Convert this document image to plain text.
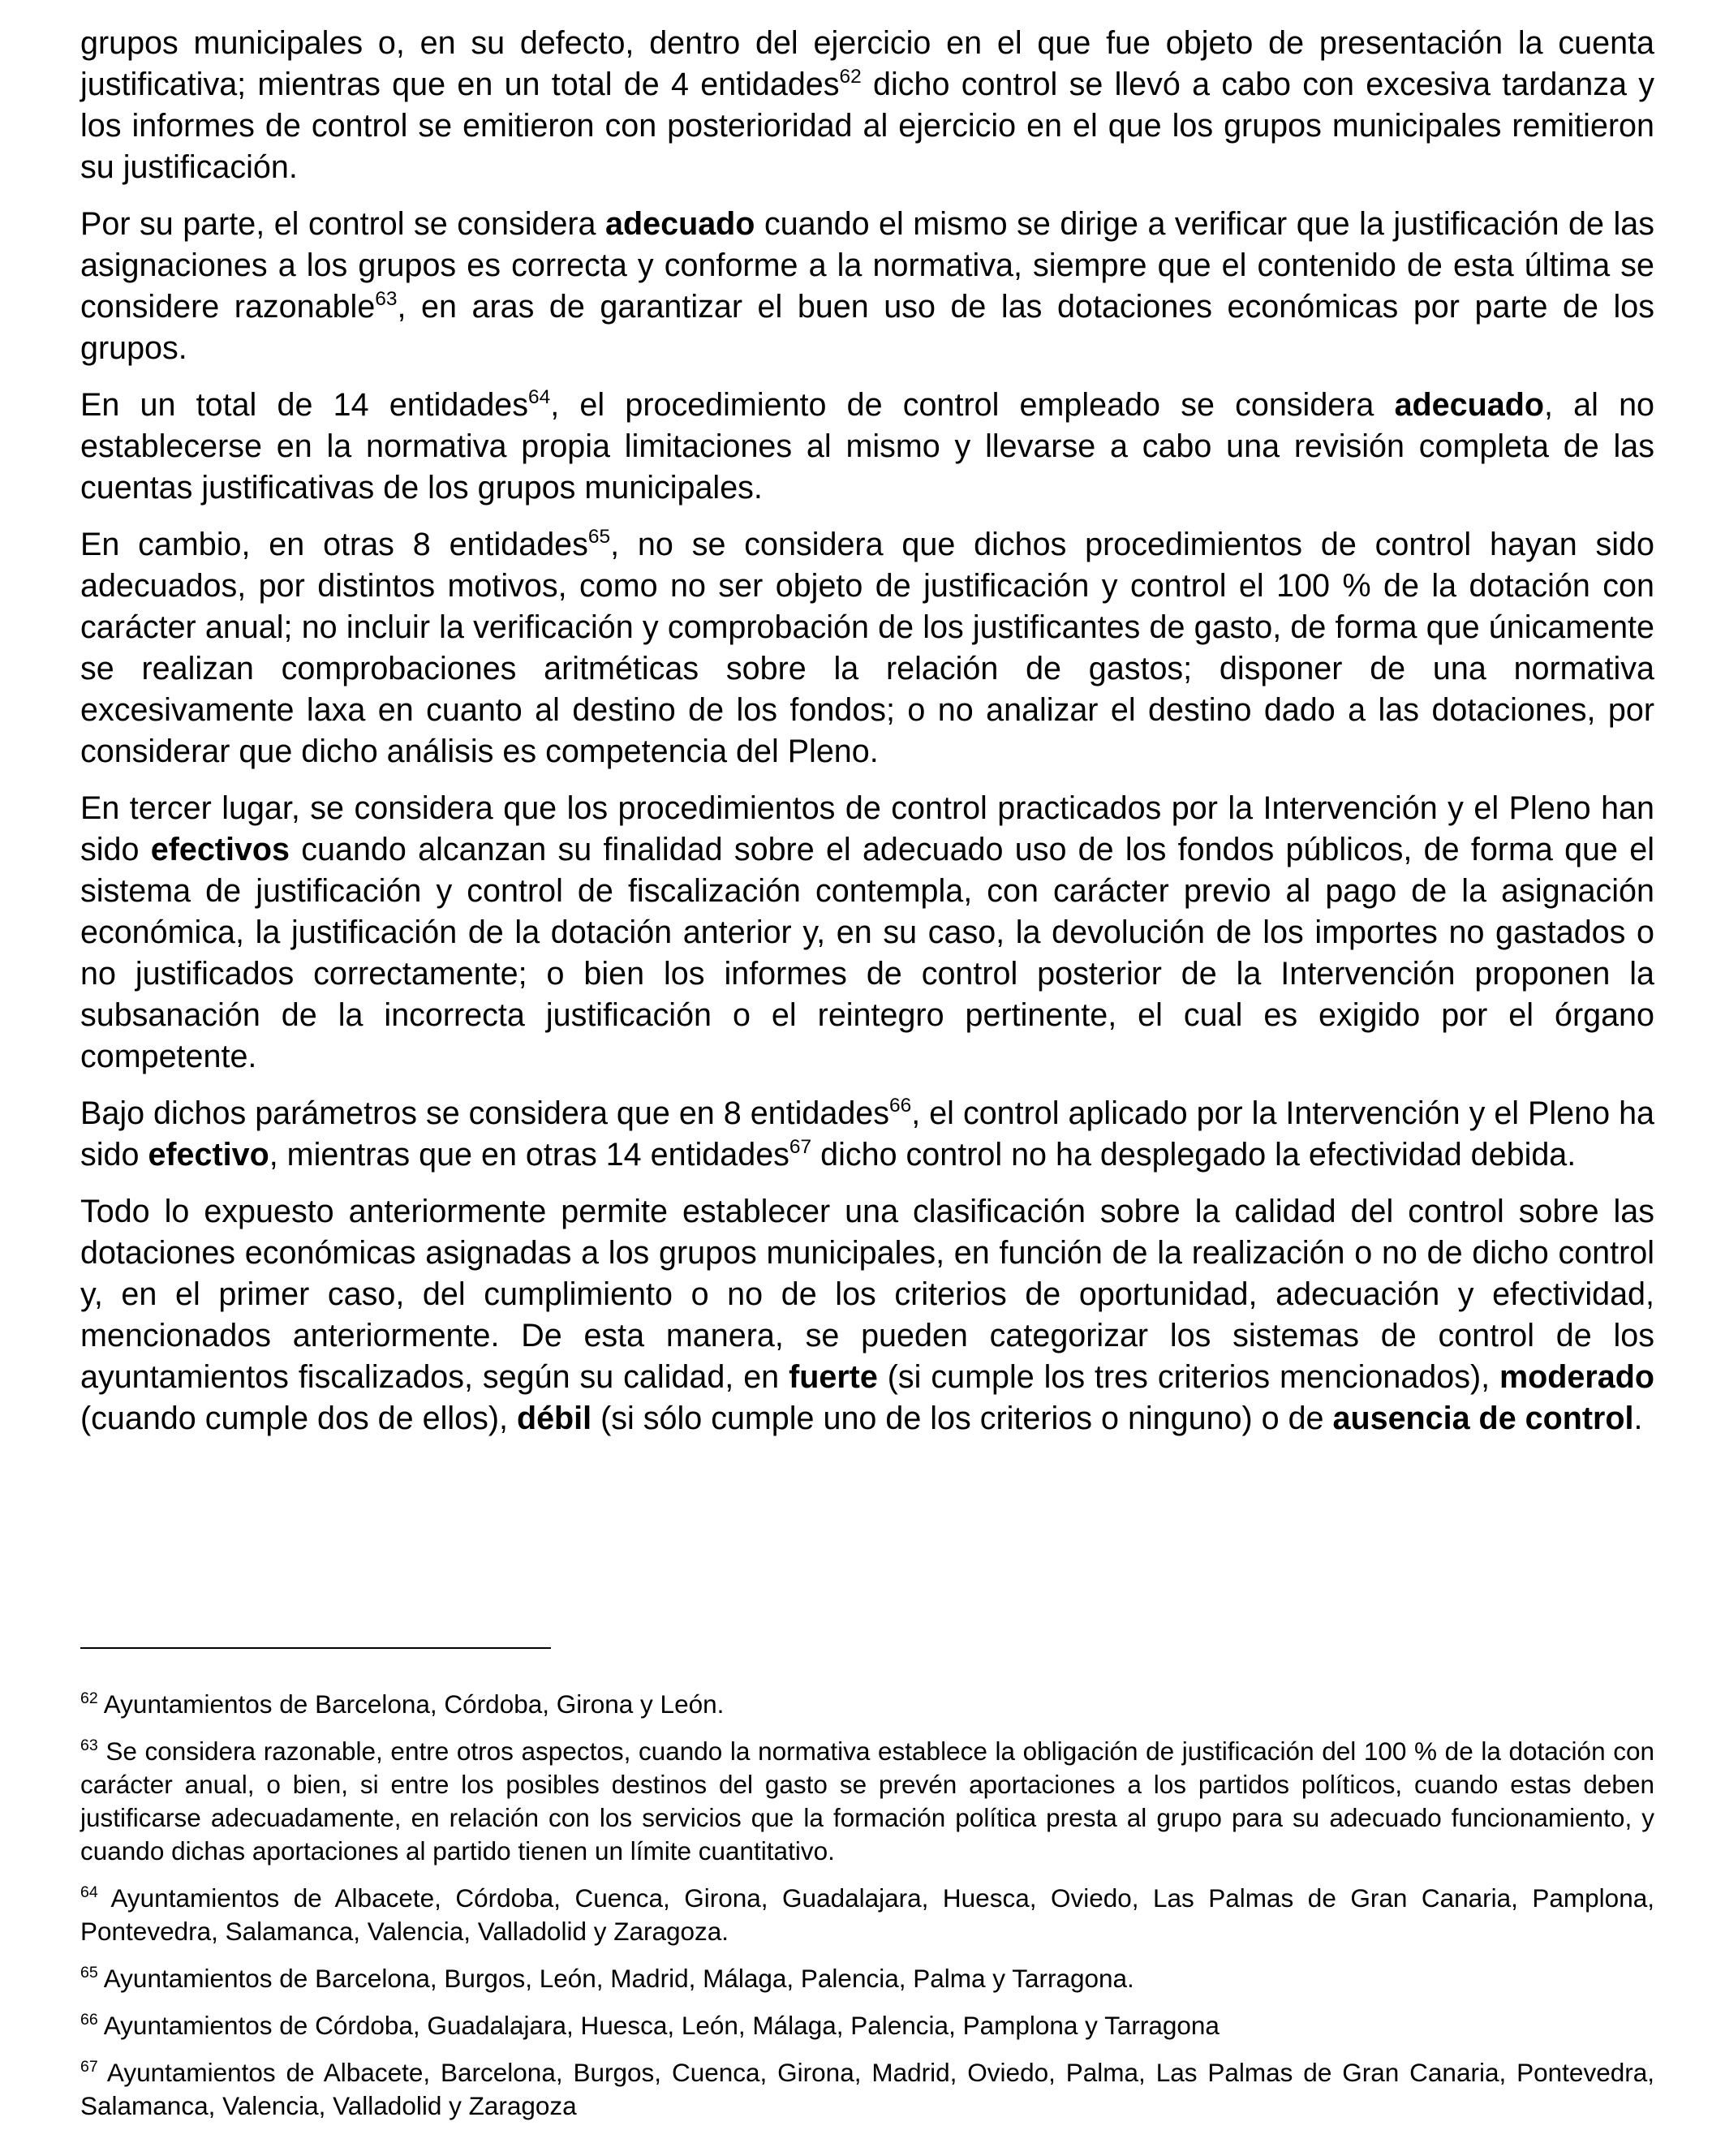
grupos municipales o, en su defecto, dentro del ejercicio en el que fue objeto de presentación la cuenta justificativa; mientras que en un total de 4 entidades$^{62}$ dicho control se llevó a cabo con excesiva tardanza y los informes de control se emitieron con posterioridad al ejercicio en el que los grupos municipales remitieron su justificación.

Por su parte, el control se considera adecuado cuando el mismo se dirige a verificar que la justificación de las asignaciones a los grupos es correcta y conforme a la normativa, siempre que el contenido de esta última se considere razonable$^{63}$, en aras de garantizar el buen uso de las dotaciones económicas por parte de los grupos.

En un total de 14 entidades$^{64}$, el procedimiento de control empleado se considera adecuado, al no establecerse en la normativa propia limitaciones al mismo y llevarse a cabo una revisión completa de las cuentas justificativas de los grupos municipales.

En cambio, en otras 8 entidades$^{65}$, no se considera que dichos procedimientos de control hayan sido adecuados, por distintos motivos, como no ser objeto de justificación y control el 100 % de la dotación con carácter anual; no incluir la verificación y comprobación de los justificantes de gasto, de forma que únicamente se realizan comprobaciones aritméticas sobre la relación de gastos; disponer de una normativa excesivamente laxa en cuanto al destino de los fondos; o no analizar el destino dado a las dotaciones, por considerar que dicho análisis es competencia del Pleno.

En tercer lugar, se considera que los procedimientos de control practicados por la Intervención y el Pleno han sido efectivos cuando alcanzan su finalidad sobre el adecuado uso de los fondos públicos, de forma que el sistema de justificación y control de fiscalización contempla, con carácter previo al pago de la asignación económica, la justificación de la dotación anterior y, en su caso, la devolución de los importes no gastados o no justificados correctamente; o bien los informes de control posterior de la Intervención proponen la subsanación de la incorrecta justificación o el reintegro pertinente, el cual es exigido por el órgano competente.

Bajo dichos parámetros se considera que en 8 entidades$^{66}$, el control aplicado por la Intervención y el Pleno ha sido efectivo, mientras que en otras 14 entidades$^{67}$ dicho control no ha desplegado la efectividad debida.

Todo lo expuesto anteriormente permite establecer una clasificación sobre la calidad del control sobre las dotaciones económicas asignadas a los grupos municipales, en función de la realización o no de dicho control y, en el primer caso, del cumplimiento o no de los criterios de oportunidad, adecuación y efectividad, mencionados anteriormente. De esta manera, se pueden categorizar los sistemas de control de los ayuntamientos fiscalizados, según su calidad, en fuerte (si cumple los tres criterios mencionados), moderado (cuando cumple dos de ellos), débil (si sólo cumple uno de los criterios o ninguno) o de ausencia de control.

$^{62}$ Ayuntamientos de Barcelona, Córdoba, Girona y León.

$^{63}$ Se considera razonable, entre otros aspectos, cuando la normativa establece la obligación de justificación del 100 % de la dotación con carácter anual, o bien, si entre los posibles destinos del gasto se prevén aportaciones a los partidos políticos, cuando estas deben justificarse adecuadamente, en relación con los servicios que la formación política presta al grupo para su adecuado funcionamiento, y cuando dichas aportaciones al partido tienen un límite cuantitativo.

$^{64}$ Ayuntamientos de Albacete, Córdoba, Cuenca, Girona, Guadalajara, Huesca, Oviedo, Las Palmas de Gran Canaria, Pamplona, Pontevedra, Salamanca, Valencia, Valladolid y Zaragoza.

$^{65}$ Ayuntamientos de Barcelona, Burgos, León, Madrid, Málaga, Palencia, Palma y Tarragona.

$^{66}$ Ayuntamientos de Córdoba, Guadalajara, Huesca, León, Málaga, Palencia, Pamplona y Tarragona

$^{67}$ Ayuntamientos de Albacete, Barcelona, Burgos, Cuenca, Girona, Madrid, Oviedo, Palma, Las Palmas de Gran Canaria, Pontevedra, Salamanca, Valencia, Valladolid y Zaragoza
